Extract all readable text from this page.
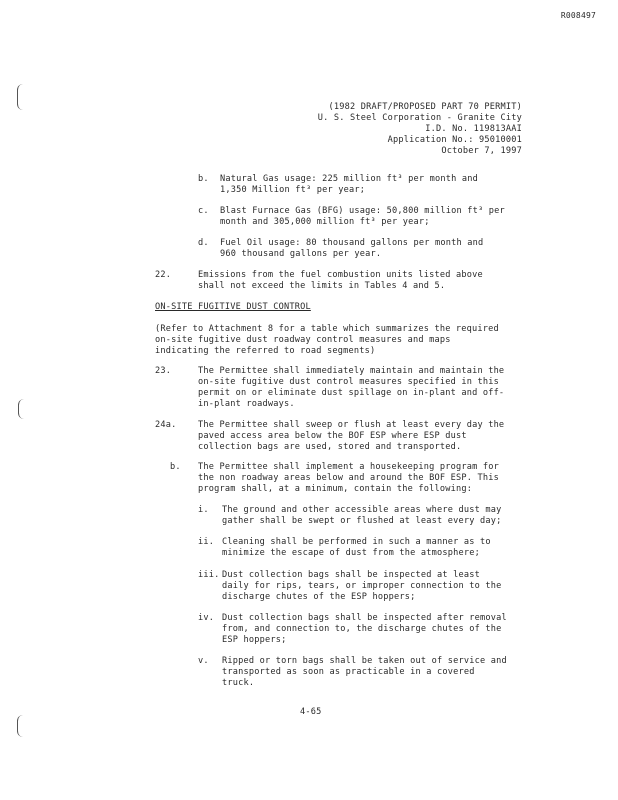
R008497
(1982 DRAFT/PROPOSED PART 70 PERMIT)
U. S. Steel Corporation - Granite City
I.D. No. 119813AAI
Application No.: 95010001
October 7, 1997
b. Natural Gas usage: 225 million ft³ per month and
1,350 Million ft³ per year;
c. Blast Furnace Gas (BFG) usage: 50,800 million ft³ per
month and 305,000 million ft³ per year;
d. Fuel Oil usage: 80 thousand gallons per month and
960 thousand gallons per year.
22.	Emissions from the fuel combustion units listed above
shall not exceed the limits in Tables 4 and 5.
ON-SITE FUGITIVE DUST CONTROL
(Refer to Attachment 8 for a table which summarizes the required
on-site fugitive dust roadway control measures and maps
indicating the referred to road segments)
23.	The Permittee shall immediately maintain and maintain the
on-site fugitive dust control measures specified in this
permit on or eliminate dust spillage on in-plant and off-
in-plant roadways.
24a.	The Permittee shall sweep or flush at least every day the
paved access area below the BOF ESP where ESP dust
collection bags are used, stored and transported.
b. The Permittee shall implement a housekeeping program for
the non roadway areas below and around the BOF ESP. This
program shall, at a minimum, contain the following:
i. The ground and other accessible areas where dust may
gather shall be swept or flushed at least every day;
ii. Cleaning shall be performed in such a manner as to
minimize the escape of dust from the atmosphere;
iii. Dust collection bags shall be inspected at least
daily for rips, tears, or improper connection to the
discharge chutes of the ESP hoppers;
iv. Dust collection bags shall be inspected after removal
from, and connection to, the discharge chutes of the
ESP hoppers;
v. Ripped or torn bags shall be taken out of service and
transported as soon as practicable in a covered
truck.
4-65
